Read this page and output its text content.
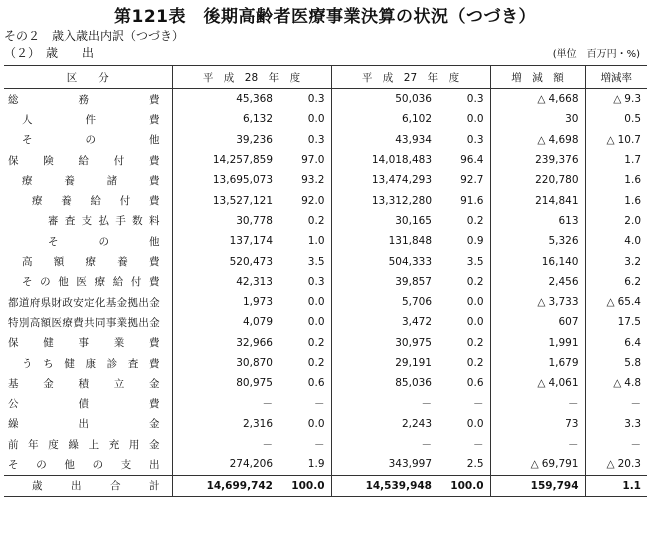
第121表　後期高齢者医療事業決算の状況（つづき）
その２　歳入歳出内訳（つづき）
（２）　歳　　出	(単位　百万円・%)
区　　分	平　成　28　年　度		平　成　27　年　度		増　減　額	増減率
総務費	45,368	0.3	50,036	0.3	△ 4,668	△ 9.3
人件費	6,132	0.0	6,102	0.0	30	0.5
その他	39,236	0.3	43,934	0.3	△ 4,698	△ 10.7
保険給付費	14,257,859	97.0	14,018,483	96.4	239,376	1.7
療養諸費	13,695,073	93.2	13,474,293	92.7	220,780	1.6
療養給付費	13,527,121	92.0	13,312,280	91.6	214,841	1.6
審査支払手数料	30,778	0.2	30,165	0.2	613	2.0
その他	137,174	1.0	131,848	0.9	5,326	4.0
高額療養費	520,473	3.5	504,333	3.5	16,140	3.2
その他医療給付費	42,313	0.3	39,857	0.2	2,456	6.2
都道府県財政安定化基金拠出金	1,973	0.0	5,706	0.0	△ 3,733	△ 65.4
特別高額医療費共同事業拠出金	4,079	0.0	3,472	0.0	607	17.5
保健事業費	32,966	0.2	30,975	0.2	1,991	6.4
うち健康診査費	30,870	0.2	29,191	0.2	1,679	5.8
基金積立金	80,975	0.6	85,036	0.6	△ 4,061	△ 4.8
公債費	－	－	－	－	－	－
繰出金	2,316	0.0	2,243	0.0	73	3.3
前年度繰上充用金	－	－	－	－	－	－
その他の支出	274,206	1.9	343,997	2.5	△ 69,791	△ 20.3
歳出合計	14,699,742	100.0	14,539,948	100.0	159,794	1.1
